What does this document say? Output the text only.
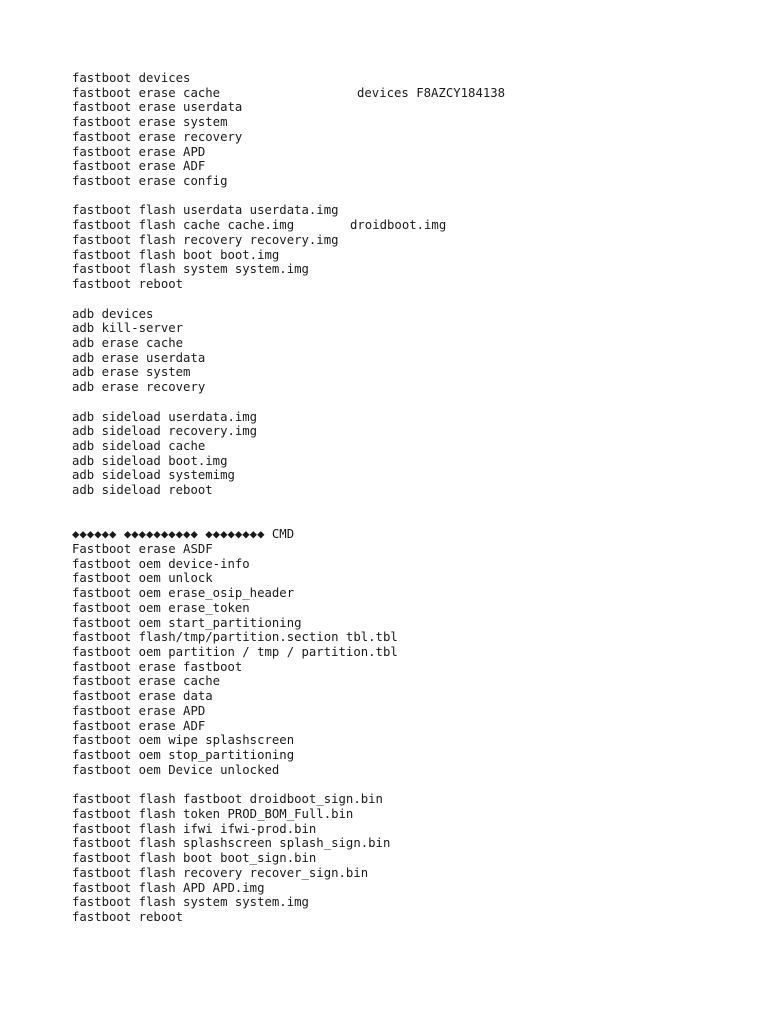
fastboot devices
fastboot erase cache	devices F8AZCY184138
fastboot erase userdata
fastboot erase system
fastboot erase recovery
fastboot erase APD
fastboot erase ADF
fastboot erase config
fastboot flash userdata userdata.img
fastboot flash cache cache.img	droidboot.img
fastboot flash recovery recovery.img
fastboot flash boot boot.img
fastboot flash system system.img
fastboot reboot
adb devices
adb kill-server
adb erase cache
adb erase userdata
adb erase system
adb erase recovery
adb sideload userdata.img
adb sideload recovery.img
adb sideload cache
adb sideload boot.img
adb sideload systemimg
adb sideload reboot
◆◆◆◆◆◆ ◆◆◆◆◆◆◆◆◆◆ ◆◆◆◆◆◆◆◆ CMD
Fastboot erase ASDF
fastboot oem device-info
fastboot oem unlock
fastboot oem erase_osip_header
fastboot oem erase_token
fastboot oem start_partitioning
fastboot flash/tmp/partition.section tbl.tbl
fastboot oem partition / tmp / partition.tbl
fastboot erase fastboot
fastboot erase cache
fastboot erase data
fastboot erase APD
fastboot erase ADF
fastboot oem wipe splashscreen
fastboot oem stop_partitioning
fastboot oem Device unlocked
fastboot flash fastboot droidboot_sign.bin
fastboot flash token PROD_BOM_Full.bin
fastboot flash ifwi ifwi-prod.bin
fastboot flash splashscreen splash_sign.bin
fastboot flash boot boot_sign.bin
fastboot flash recovery recover_sign.bin
fastboot flash APD APD.img
fastboot flash system system.img
fastboot reboot
